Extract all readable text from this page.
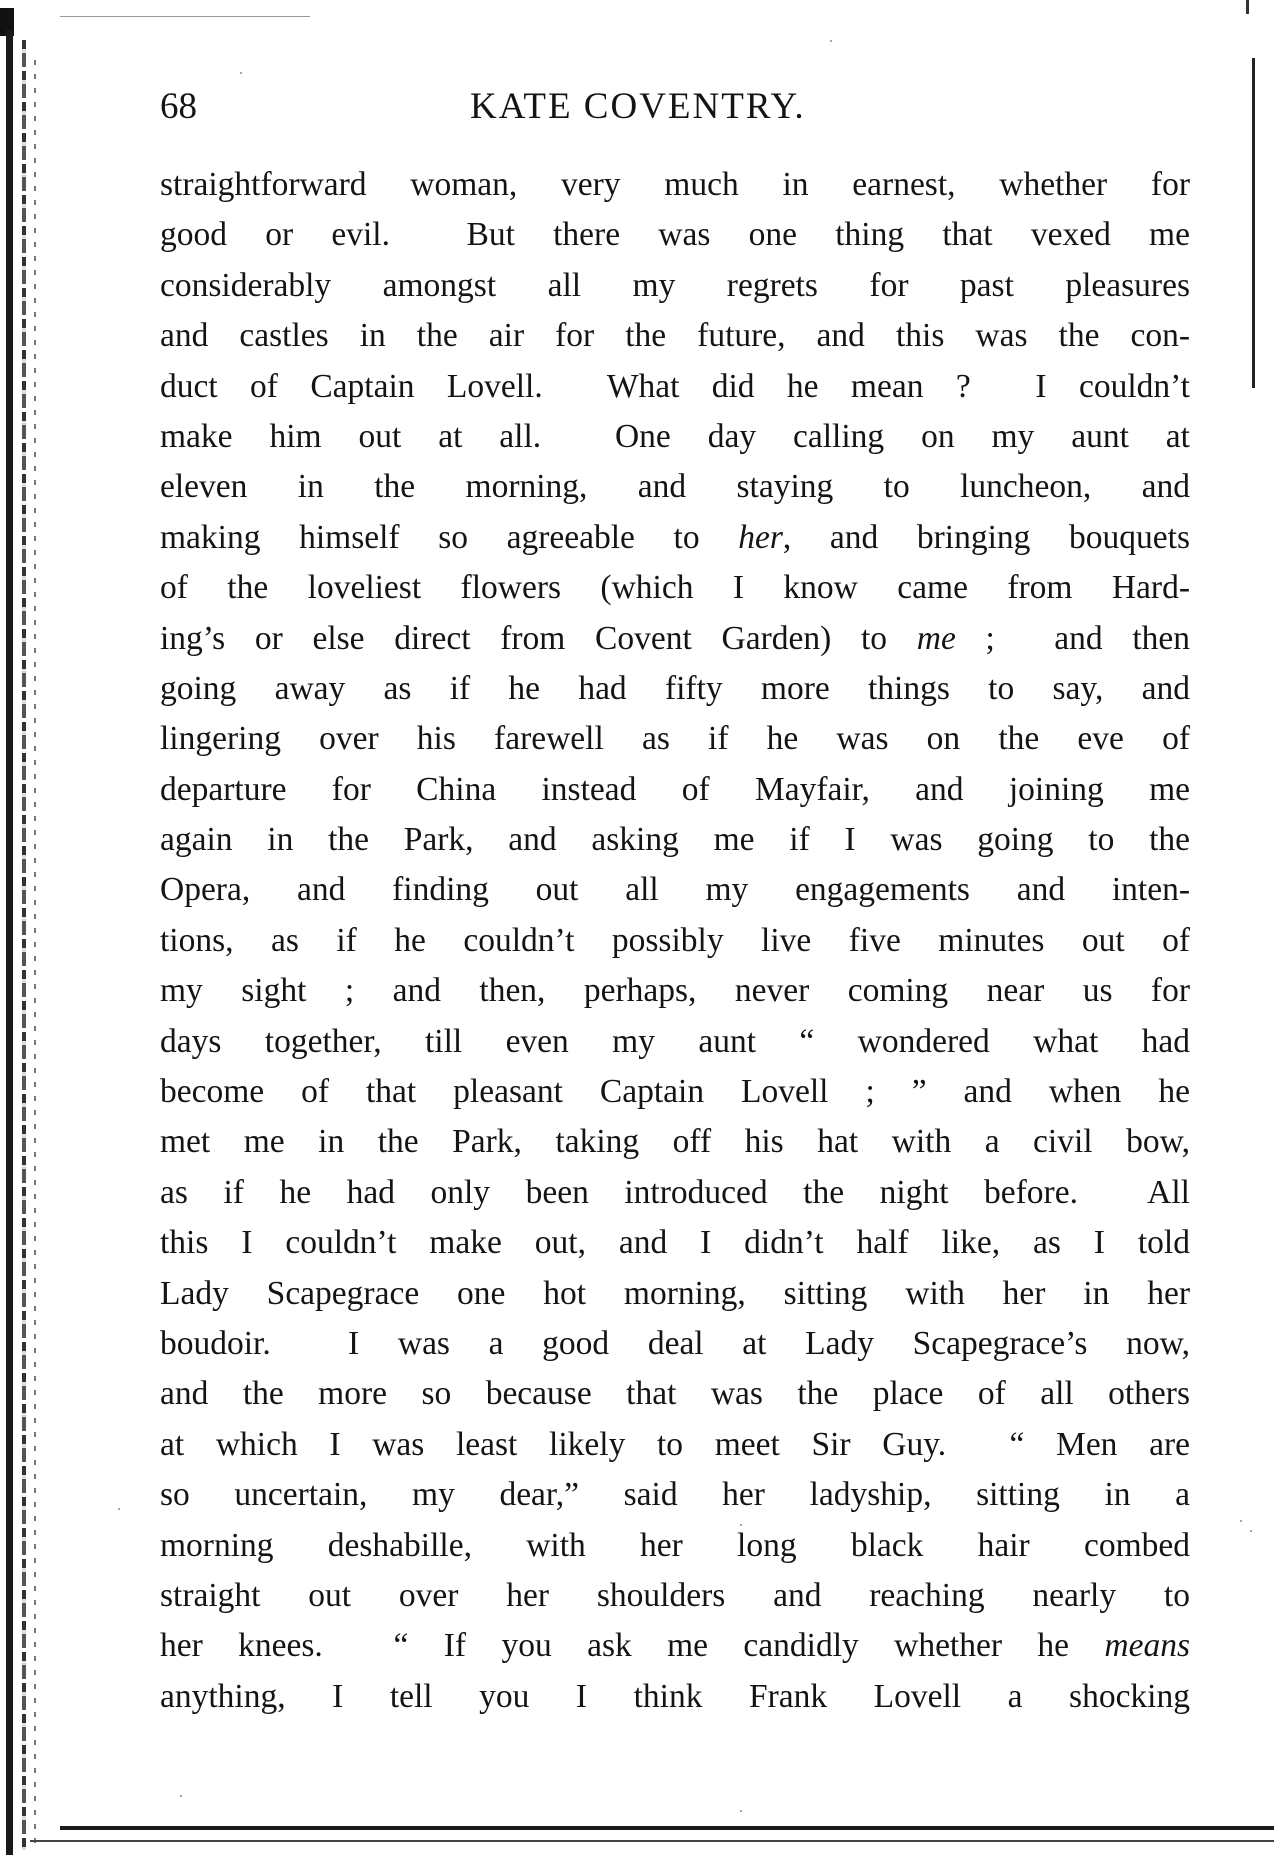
68	KATE COVENTRY.
straightforward woman, very much in earnest, whether for
good or evil.  But there was one thing that vexed me
considerably amongst all my regrets for past pleasures
and castles in the air for the future, and this was the con-
duct of Captain Lovell.  What did he mean ?  I couldn’t
make him out at all.  One day calling on my aunt at
eleven in the morning, and staying to luncheon, and
making himself so agreeable to her, and bringing bouquets
of the loveliest flowers (which I know came from Hard-
ing’s or else direct from Covent Garden) to me ;  and then
going away as if he had fifty more things to say, and
lingering over his farewell as if he was on the eve of
departure for China instead of Mayfair, and joining me
again in the Park, and asking me if I was going to the
Opera, and finding out all my engagements and inten-
tions, as if he couldn’t possibly live five minutes out of
my sight ; and then, perhaps, never coming near us for
days together, till even my aunt “ wondered what had
become of that pleasant Captain Lovell ; ” and when he
met me in the Park, taking off his hat with a civil bow,
as if he had only been introduced the night before.  All
this I couldn’t make out, and I didn’t half like, as I told
Lady Scapegrace one hot morning, sitting with her in her
boudoir.  I was a good deal at Lady Scapegrace’s now,
and the more so because that was the place of all others
at which I was least likely to meet Sir Guy.  “ Men are
so uncertain, my dear,” said her ladyship, sitting in a
morning deshabille, with her long black hair combed
straight out over her shoulders and reaching nearly to
her knees.  “ If you ask me candidly whether he means
anything, I tell you I think Frank Lovell a shocking
